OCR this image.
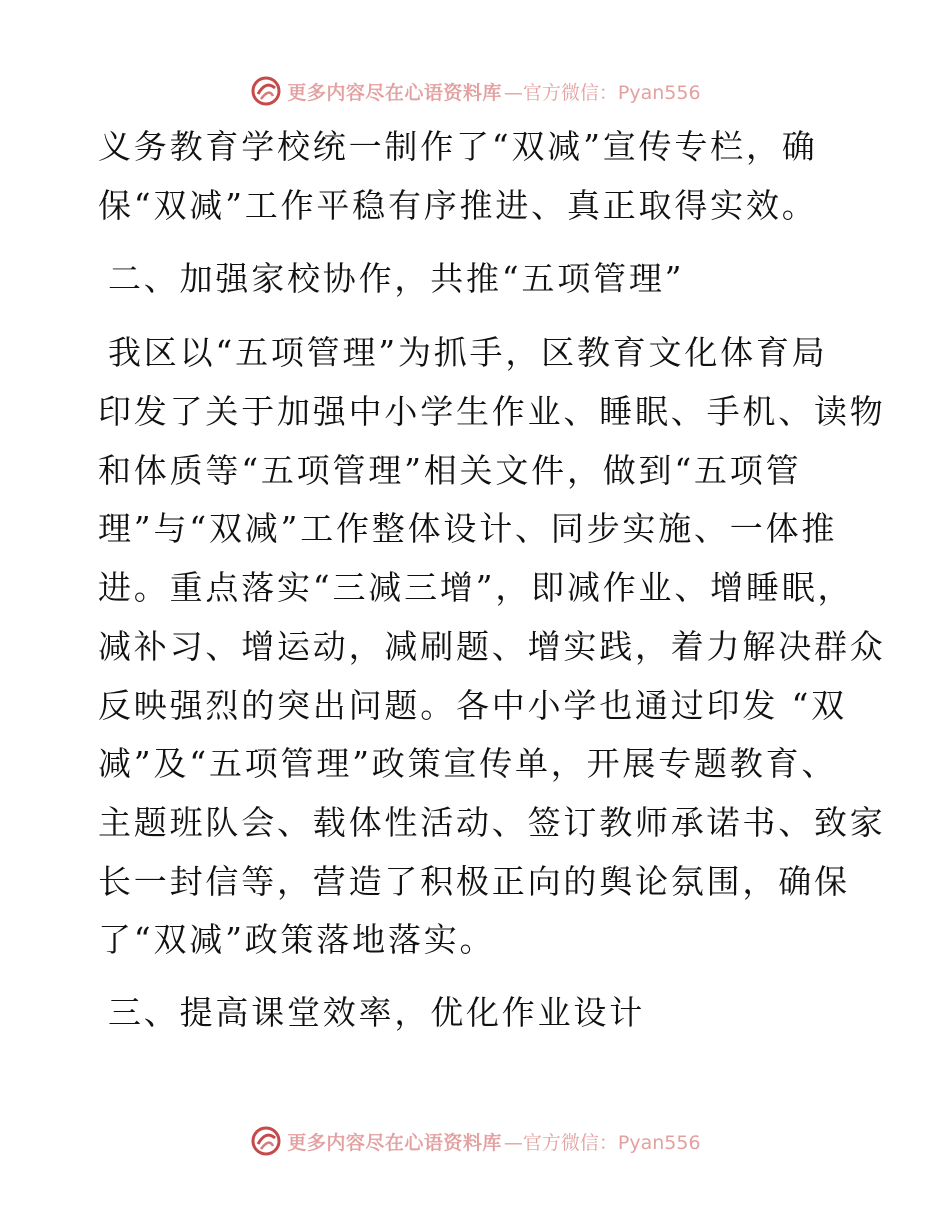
更多内容尽在心语资料库 —官方微信：Pyan556
义务教育学校统一制作了“双减”宣传专栏，确
保“双减”工作平稳有序推进、真正取得实效。
二、加强家校协作，共推“五项管理”
我区以“五项管理”为抓手，区教育文化体育局
印发了关于加强中小学生作业、睡眠、手机、读物
和体质等“五项管理”相关文件，做到“五项管
理”与“双减”工作整体设计、同步实施、一体推
进。重点落实“三减三增”，即减作业、增睡眠，
减补习、增运动，减刷题、增实践，着力解决群众
反映强烈的突出问题。各中小学也通过印发 “双
减”及“五项管理”政策宣传单，开展专题教育、
主题班队会、载体性活动、签订教师承诺书、致家
长一封信等，营造了积极正向的舆论氛围，确保
了“双减”政策落地落实。
三、提高课堂效率，优化作业设计
更多内容尽在心语资料库 —官方微信：Pyan556
